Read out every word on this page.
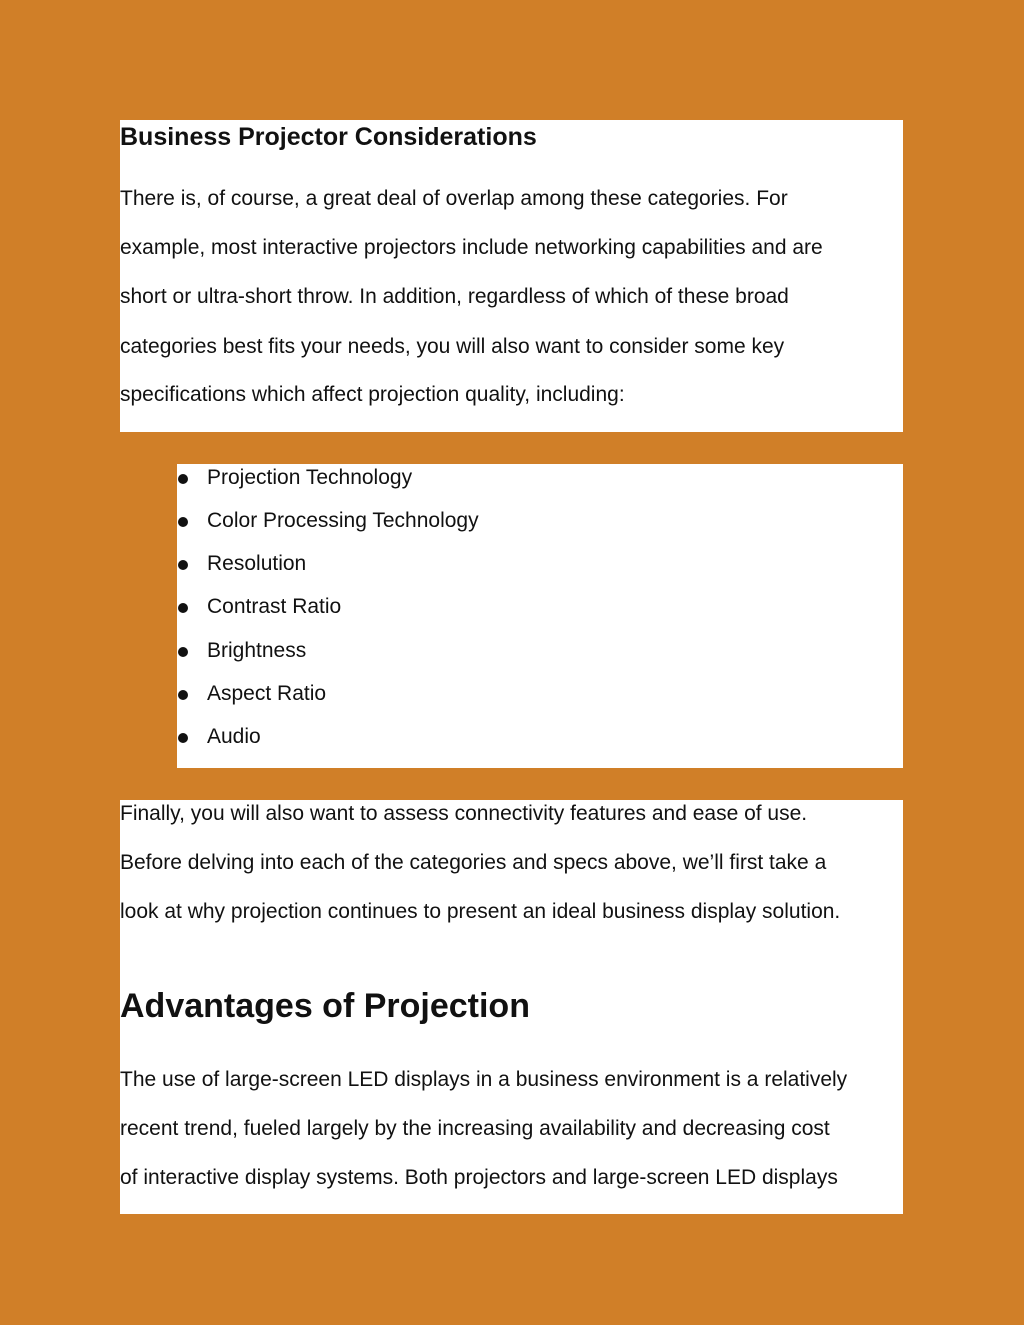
Business Projector Considerations
There is, of course, a great deal of overlap among these categories. For
example, most interactive projectors include networking capabilities and are
short or ultra-short throw. In addition, regardless of which of these broad
categories best fits your needs, you will also want to consider some key
specifications which affect projection quality, including:
Projection Technology
Color Processing Technology
Resolution
Contrast Ratio
Brightness
Aspect Ratio
Audio
Finally, you will also want to assess connectivity features and ease of use.
Before delving into each of the categories and specs above, we’ll first take a
look at why projection continues to present an ideal business display solution.
Advantages of Projection
The use of large-screen LED displays in a business environment is a relatively
recent trend, fueled largely by the increasing availability and decreasing cost
of interactive display systems. Both projectors and large-screen LED displays
